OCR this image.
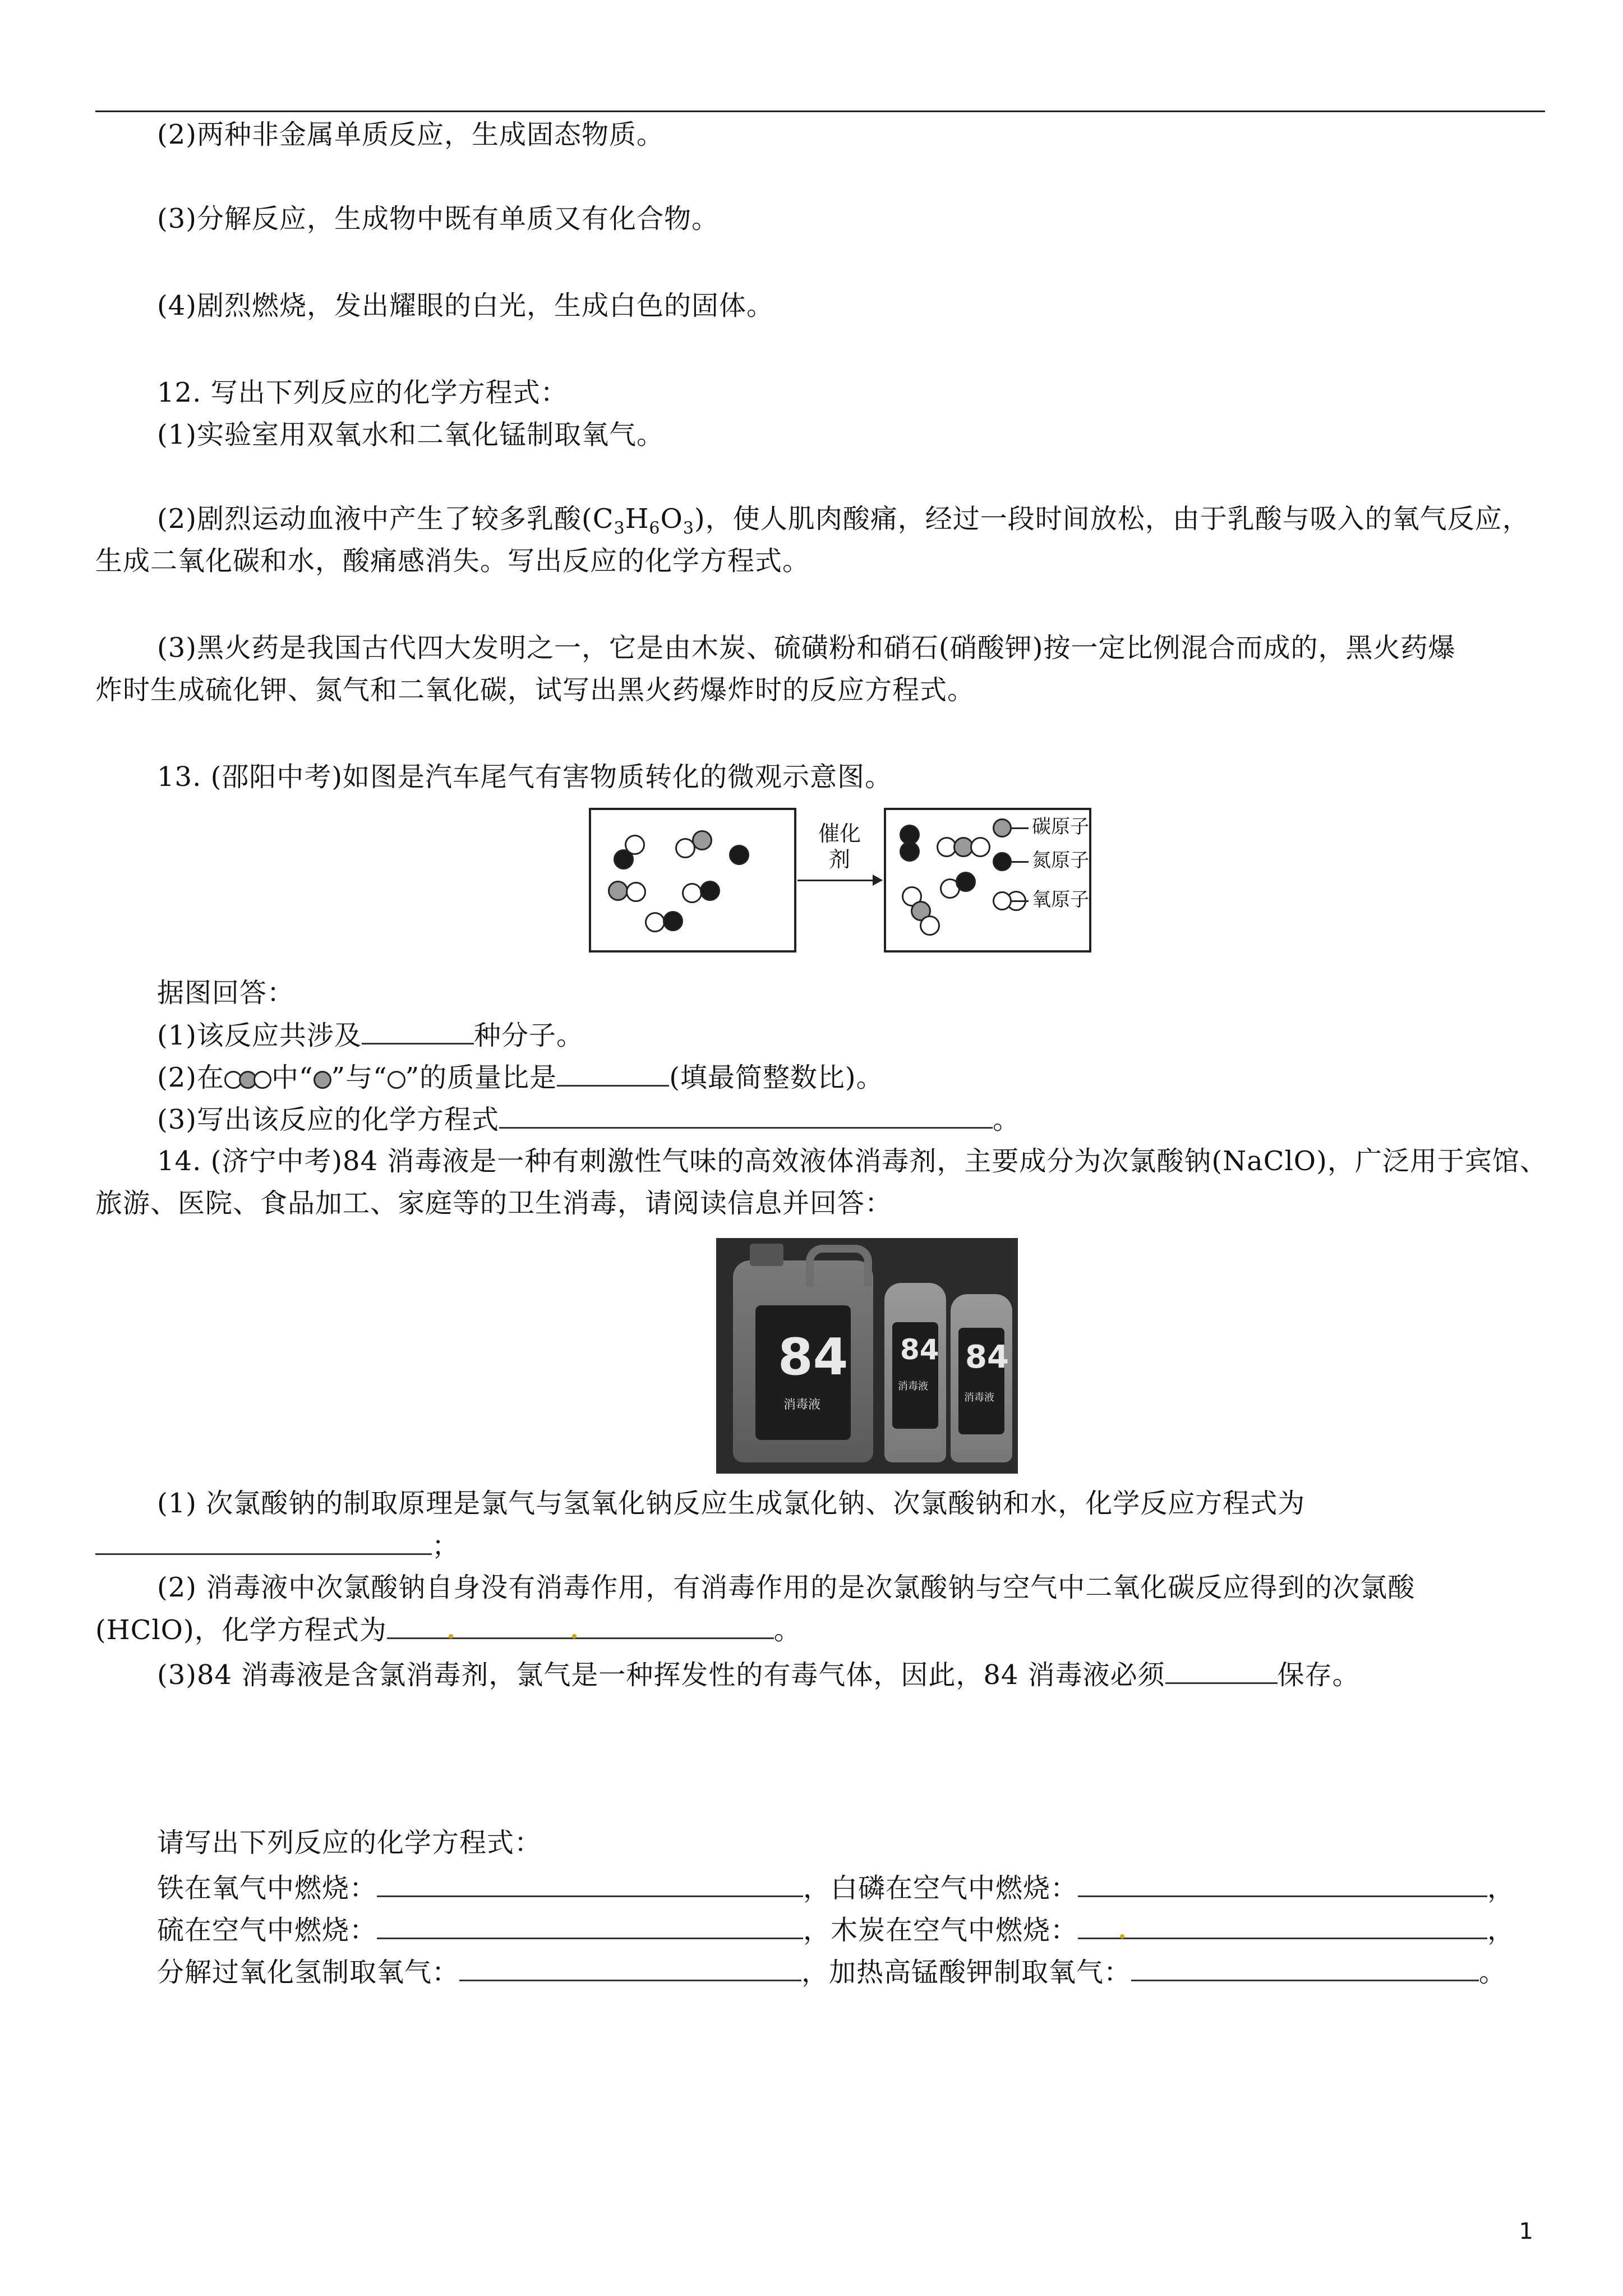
(2)两种非金属单质反应，生成固态物质。
(3)分解反应，生成物中既有单质又有化合物。
(4)剧烈燃烧，发出耀眼的白光，生成白色的固体。
12. 写出下列反应的化学方程式：
(1)实验室用双氧水和二氧化锰制取氧气。
(2)剧烈运动血液中产生了较多乳酸$(C_3H_6O_3)$，使人肌肉酸痛，经过一段时间放松，由于乳酸与吸入的氧气反应，
生成二氧化碳和水，酸痛感消失。写出反应的化学方程式。
(3)黑火药是我国古代四大发明之一，它是由木炭、硫磺粉和硝石(硝酸钾)按一定比例混合而成的，黑火药爆
炸时生成硫化钾、氮气和二氧化碳，试写出黑火药爆炸时的反应方程式。
13. (邵阳中考)如图是汽车尾气有害物质转化的微观示意图。
催化
剂
碳原子
氮原子
氧原子
据图回答：
(1)该反应共涉及	种分子。
(2)在 中“ ”与“ ”的质量比是	(填最简整数比)。
(3)写出该反应的化学方程式	。
14. (济宁中考)84 消毒液是一种有刺激性气味的高效液体消毒剂，主要成分为次氯酸钠(NaClO)，广泛用于宾馆、
旅游、医院、食品加工、家庭等的卫生消毒，请阅读信息并回答：
84
消毒液
84
消毒液
84
消毒液
(1) 次氯酸钠的制取原理是氯气与氢氧化钠反应生成氯化钠、次氯酸钠和水，化学反应方程式为
；
(2) 消毒液中次氯酸钠自身没有消毒作用，有消毒作用的是次氯酸钠与空气中二氧化碳反应得到的次氯酸
(HClO)，化学方程式为	。
(3)84 消毒液是含氯消毒剂，氯气是一种挥发性的有毒气体，因此，84 消毒液必须	保存。
请写出下列反应的化学方程式：
铁在氧气中燃烧：	，白磷在空气中燃烧：	，
硫在空气中燃烧：	，木炭在空气中燃烧：	，
分解过氧化氢制取氧气：	，加热高锰酸钾制取氧气：	。
1
